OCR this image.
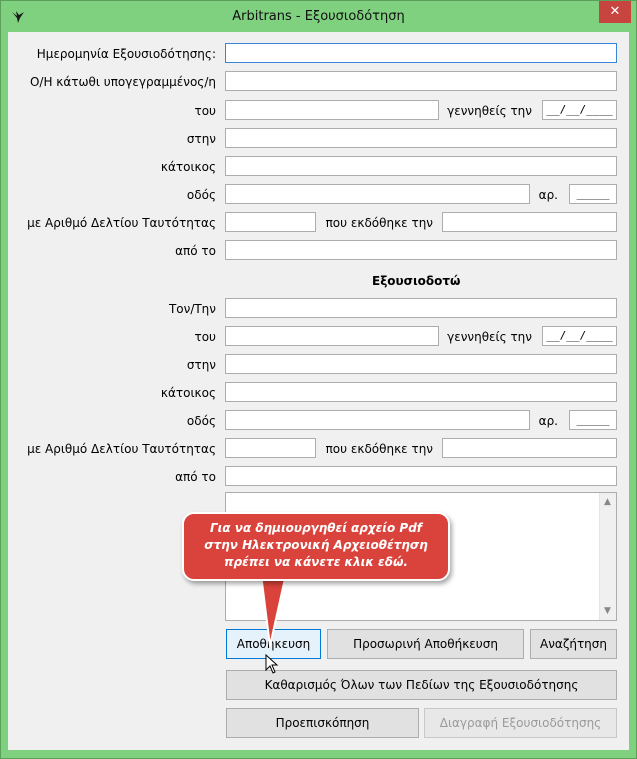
Arbitrans - Εξουσιοδότηση	✕
Ημερομηνία Εξουσιοδότησης:
Ο/Η κάτωθι υπογεγραμμένος/η
του	γεννηθείς την	__/__/____
στην
κάτοικος
οδός	αρ.	_____
με Αριθμό Δελτίου Ταυτότητας	που εκδόθηκε την
από το
Εξουσιοδοτώ
Τον/Την
του	γεννηθείς την	__/__/____
στην
κάτοικος
οδός	αρ.	_____
με Αριθμό Δελτίου Ταυτότητας	που εκδόθηκε την
από το
▲
▼
Αποθήκευση	Προσωρινή Αποθήκευση	Αναζήτηση
Καθαρισμός Όλων των Πεδίων της Εξουσιοδότησης
Προεπισκόπηση	Διαγραφή Εξουσιοδότησης
Για να δημιουργηθεί αρχείο Pdf
στην Ηλεκτρονική Αρχειοθέτηση
πρέπει να κάνετε κλικ εδώ.
